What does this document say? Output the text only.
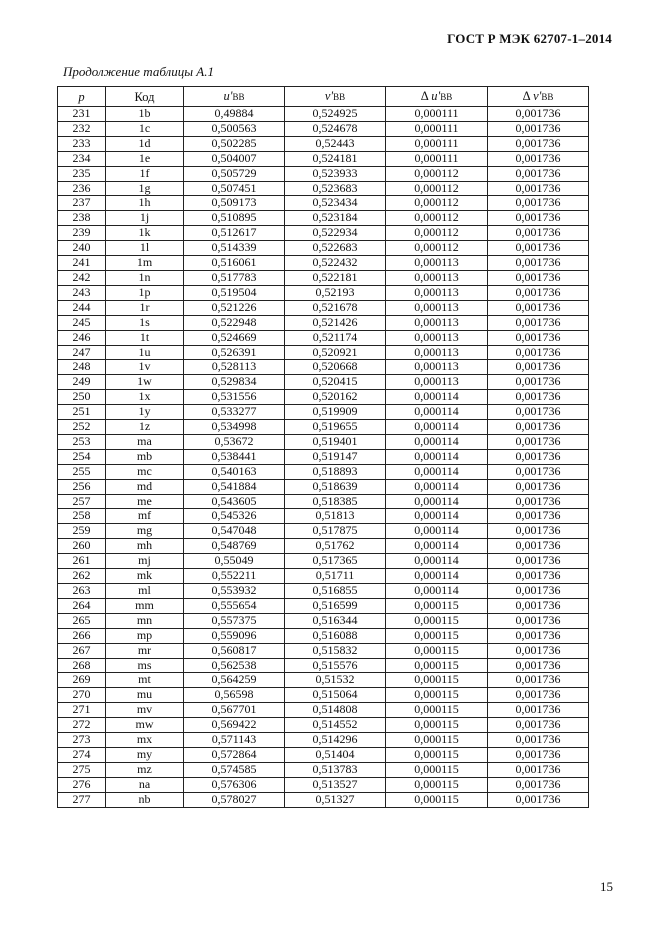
ГОСТ Р МЭК 62707-1–2014
Продолжение таблицы А.1
p	Код	u'ВВ	v'ВВ	Δ u'ВВ	Δ v'ВВ
231	1b	0,49884	0,524925	0,000111	0,001736
232	1c	0,500563	0,524678	0,000111	0,001736
233	1d	0,502285	0,52443	0,000111	0,001736
234	1e	0,504007	0,524181	0,000111	0,001736
235	1f	0,505729	0,523933	0,000112	0,001736
236	1g	0,507451	0,523683	0,000112	0,001736
237	1h	0,509173	0,523434	0,000112	0,001736
238	1j	0,510895	0,523184	0,000112	0,001736
239	1k	0,512617	0,522934	0,000112	0,001736
240	1l	0,514339	0,522683	0,000112	0,001736
241	1m	0,516061	0,522432	0,000113	0,001736
242	1n	0,517783	0,522181	0,000113	0,001736
243	1p	0,519504	0,52193	0,000113	0,001736
244	1r	0,521226	0,521678	0,000113	0,001736
245	1s	0,522948	0,521426	0,000113	0,001736
246	1t	0,524669	0,521174	0,000113	0,001736
247	1u	0,526391	0,520921	0,000113	0,001736
248	1v	0,528113	0,520668	0,000113	0,001736
249	1w	0,529834	0,520415	0,000113	0,001736
250	1x	0,531556	0,520162	0,000114	0,001736
251	1y	0,533277	0,519909	0,000114	0,001736
252	1z	0,534998	0,519655	0,000114	0,001736
253	ma	0,53672	0,519401	0,000114	0,001736
254	mb	0,538441	0,519147	0,000114	0,001736
255	mc	0,540163	0,518893	0,000114	0,001736
256	md	0,541884	0,518639	0,000114	0,001736
257	me	0,543605	0,518385	0,000114	0,001736
258	mf	0,545326	0,51813	0,000114	0,001736
259	mg	0,547048	0,517875	0,000114	0,001736
260	mh	0,548769	0,51762	0,000114	0,001736
261	mj	0,55049	0,517365	0,000114	0,001736
262	mk	0,552211	0,51711	0,000114	0,001736
263	ml	0,553932	0,516855	0,000114	0,001736
264	mm	0,555654	0,516599	0,000115	0,001736
265	mn	0,557375	0,516344	0,000115	0,001736
266	mp	0,559096	0,516088	0,000115	0,001736
267	mr	0,560817	0,515832	0,000115	0,001736
268	ms	0,562538	0,515576	0,000115	0,001736
269	mt	0,564259	0,51532	0,000115	0,001736
270	mu	0,56598	0,515064	0,000115	0,001736
271	mv	0,567701	0,514808	0,000115	0,001736
272	mw	0,569422	0,514552	0,000115	0,001736
273	mx	0,571143	0,514296	0,000115	0,001736
274	my	0,572864	0,51404	0,000115	0,001736
275	mz	0,574585	0,513783	0,000115	0,001736
276	na	0,576306	0,513527	0,000115	0,001736
277	nb	0,578027	0,51327	0,000115	0,001736
15
